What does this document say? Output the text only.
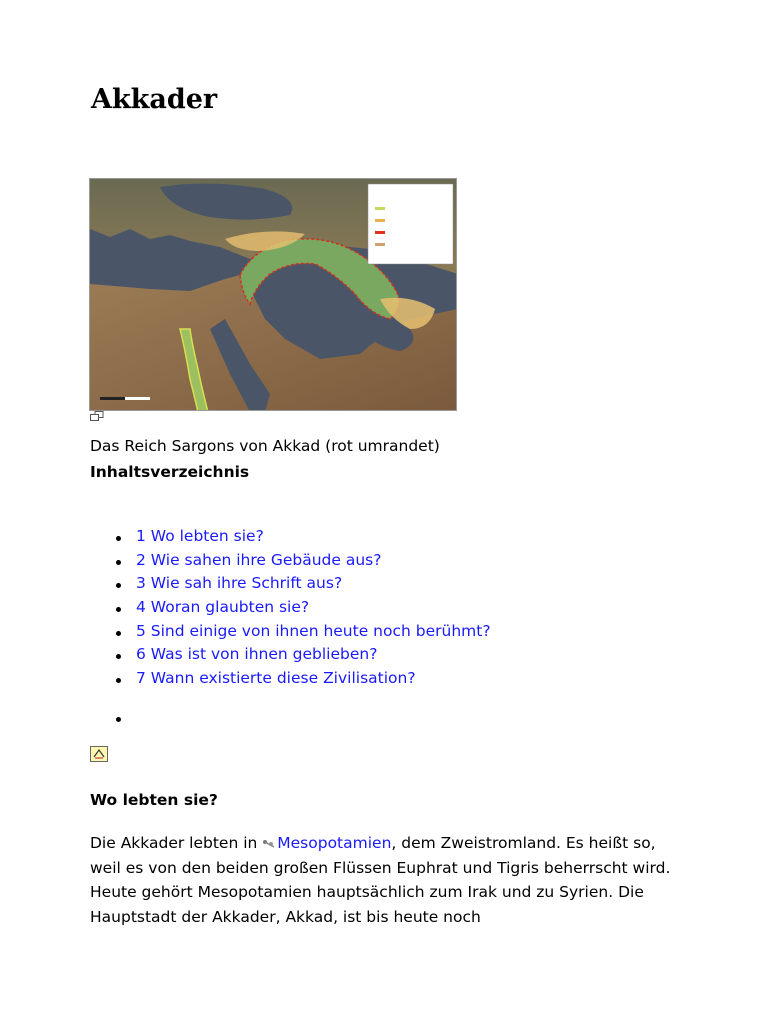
Akkader
Das Reich Sargons von Akkad (rot umrandet)
Inhaltsverzeichnis
1 Wo lebten sie?
2 Wie sahen ihre Gebäude aus?
3 Wie sah ihre Schrift aus?
4 Woran glaubten sie?
5 Sind einige von ihnen heute noch berühmt?
6 Was ist von ihnen geblieben?
7 Wann existierte diese Zivilisation?
Wo lebten sie?

Die Akkader lebten in Mesopotamien, dem Zweistromland. Es heißt so, weil es von den beiden großen Flüssen Euphrat und Tigris beherrscht wird. Heute gehört Mesopotamien hauptsächlich zum Irak und zu Syrien. Die Hauptstadt der Akkader, Akkad, ist bis heute noch
